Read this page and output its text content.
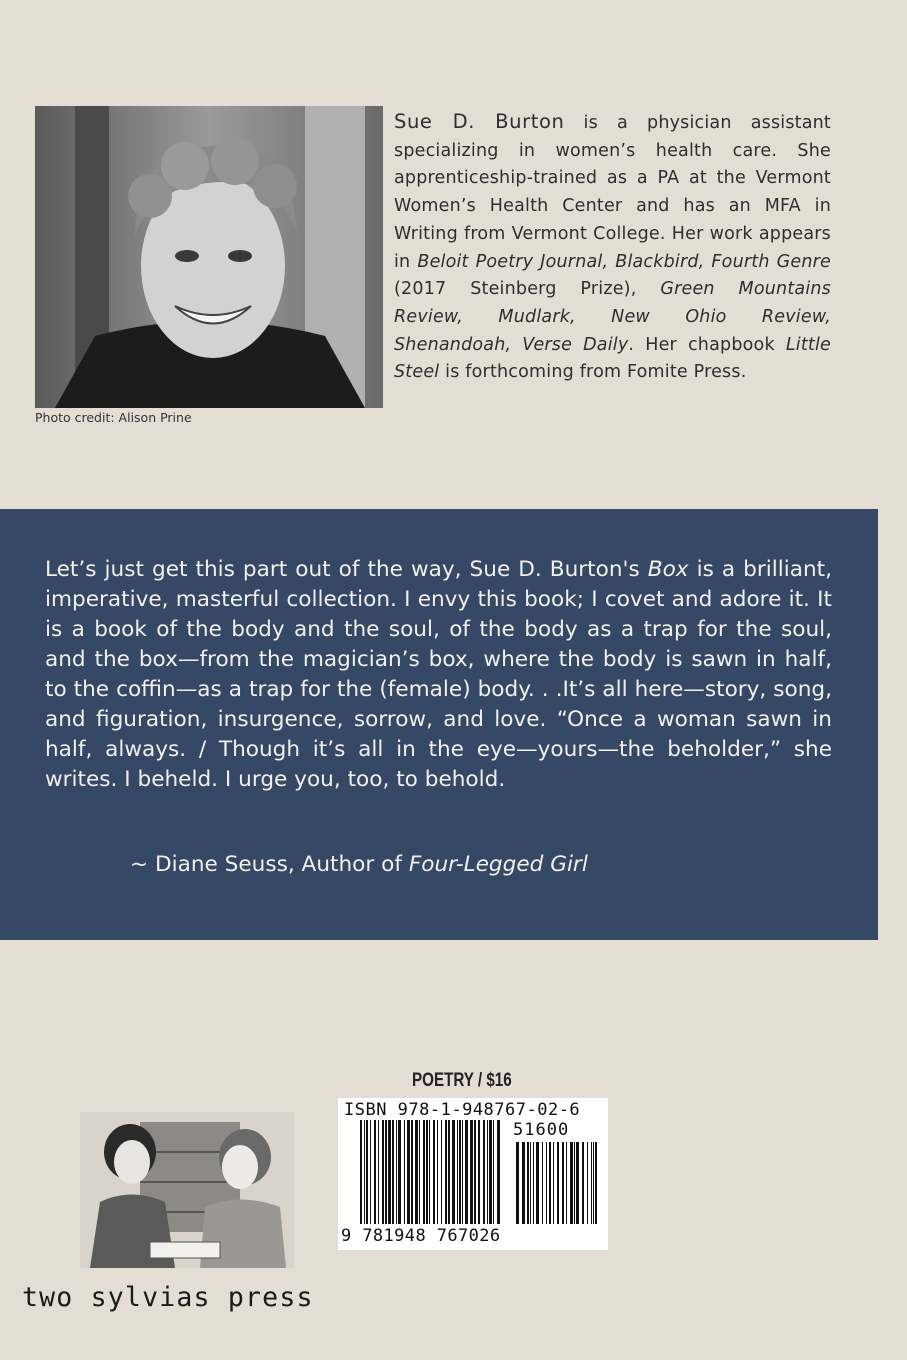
Photo credit: Alison Prine
Sue D. Burton is a physician assistant specializing in women’s health care. She apprenticeship-trained as a PA at the Vermont Women’s Health Center and has an MFA in Writing from Vermont College. Her work appears in Beloit Poetry Journal, Blackbird, Fourth Genre (2017 Steinberg Prize), Green Mountains Review, Mudlark, New Ohio Review, Shenandoah, Verse Daily. Her chapbook Little Steel is forthcoming from Fomite Press.
Let’s just get this part out of the way, Sue D. Burton's Box is a brilliant, imperative, masterful collection. I envy this book; I covet and adore it. It is a book of the body and the soul, of the body as a trap for the soul, and the box—from the magician’s box, where the body is sawn in half, to the coffin—as a trap for the (female) body. . .It’s all here—story, song, and figuration, insurgence, sorrow, and love. “Once a woman sawn in half, always. / Though it’s all in the eye—yours—the beholder,” she writes. I beheld. I urge you, too, to behold.
~ Diane Seuss, Author of Four-Legged Girl
POETRY / $16
ISBN 978-1-948767-02-6
51600
9 781948 767026
two sylvias press
